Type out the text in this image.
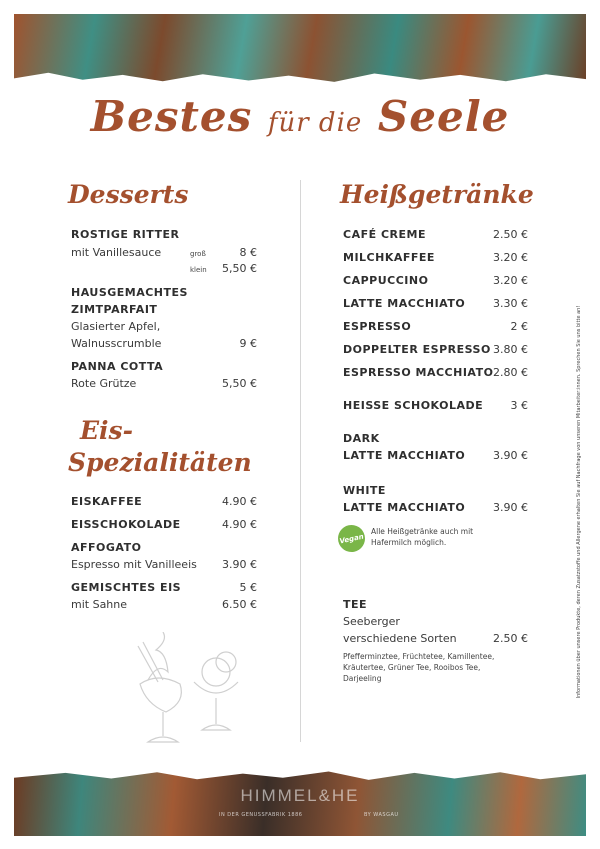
Bestes für die Seele
Desserts
ROSTIGE RITTER
mit Vanillesauce	groß	8 €
klein 5,50 €
HAUSGEMACHTES
ZIMTPARFAIT
Glasierter Apfel,
Walnusscrumble	9 €
PANNA COTTA
Rote Grütze	5,50 €
Eis-
Spezialitäten
EISKAFFEE	4.90 €
EISSCHOKOLADE	4.90 €
AFFOGATO
Espresso mit Vanilleeis 3.90 €
GEMISCHTES EIS	5 €
mit Sahne	6.50 €
Heißgetränke
CAFÉ CREME	2.50 €
MILCHKAFFEE	3.20 €
CAPPUCCINO	3.20 €
LATTE MACCHIATO	3.30 €
ESPRESSO	2 €
DOPPELTER ESPRESSO 3.80 €
ESPRESSO MACCHIATO 2.80 €
HEISSE SCHOKOLADE 3 €
DARK
LATTE MACCHIATO	3.90 €
WHITE
LATTE MACCHIATO	3.90 €
Vegan
Alle Heißgetränke auch mit
Hafermilch möglich.
TEE
Seeberger
verschiedene Sorten	2.50 €
Pfefferminztee, Früchtetee, Kamillentee,
Kräutertee, Grüner Tee, Rooibos Tee,
Darjeeling	Informationen über unsere Produkte, deren Zusatzstoffe und Allergene erhalten Sie auf Nachfrage von unseren Mitarbeiter:innen. Sprechen Sie uns bitte an!
HIMMEL&HE
IN DER GENUSSFABRIK 1886	BY WASGAU
